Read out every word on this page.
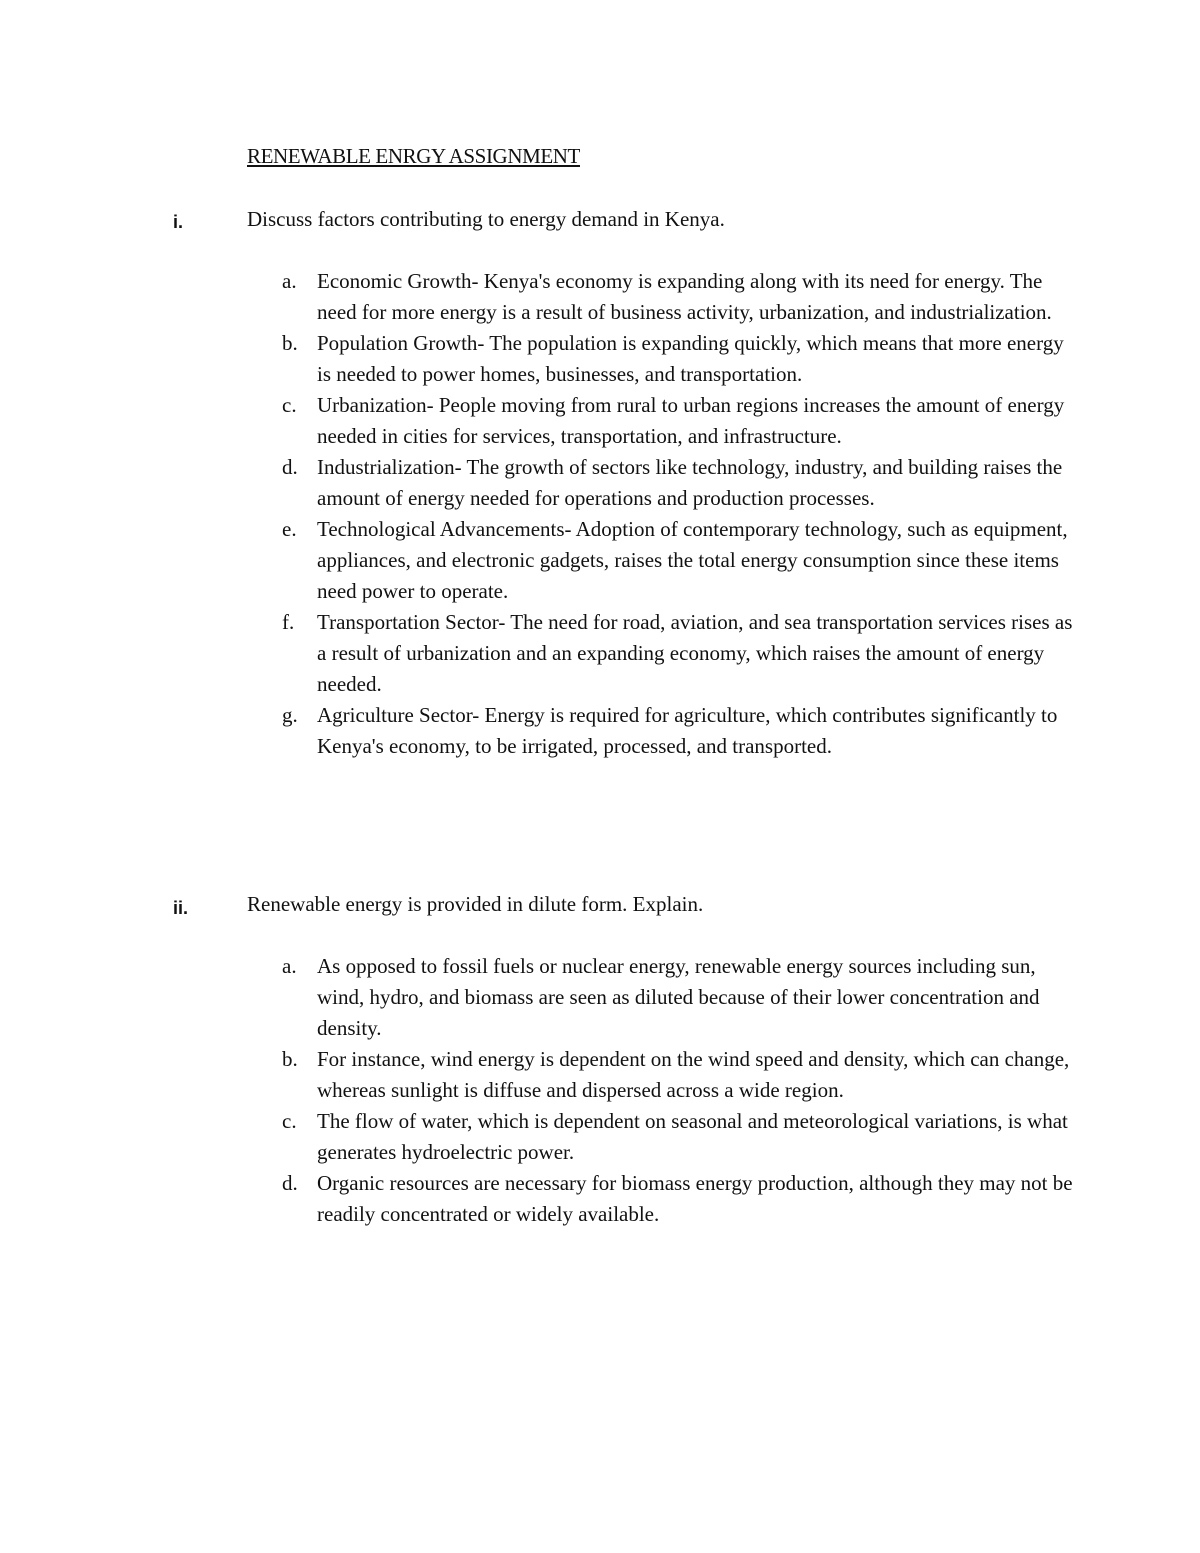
RENEWABLE ENRGY ASSIGNMENT
i.	Discuss factors contributing to energy demand in Kenya.
a. Economic Growth- Kenya's economy is expanding along with its need for energy. The need for more energy is a result of business activity, urbanization, and industrialization.
b. Population Growth- The population is expanding quickly, which means that more energy is needed to power homes, businesses, and transportation.
c. Urbanization- People moving from rural to urban regions increases the amount of energy needed in cities for services, transportation, and infrastructure.
d. Industrialization- The growth of sectors like technology, industry, and building raises the amount of energy needed for operations and production processes.
e. Technological Advancements- Adoption of contemporary technology, such as equipment, appliances, and electronic gadgets, raises the total energy consumption since these items need power to operate.
f. Transportation Sector- The need for road, aviation, and sea transportation services rises as a result of urbanization and an expanding economy, which raises the amount of energy needed.
g. Agriculture Sector- Energy is required for agriculture, which contributes significantly to Kenya's economy, to be irrigated, processed, and transported.
ii.	Renewable energy is provided in dilute form. Explain.
a. As opposed to fossil fuels or nuclear energy, renewable energy sources including sun, wind, hydro, and biomass are seen as diluted because of their lower concentration and density.
b. For instance, wind energy is dependent on the wind speed and density, which can change, whereas sunlight is diffuse and dispersed across a wide region.
c. The flow of water, which is dependent on seasonal and meteorological variations, is what generates hydroelectric power.
d. Organic resources are necessary for biomass energy production, although they may not be readily concentrated or widely available.
